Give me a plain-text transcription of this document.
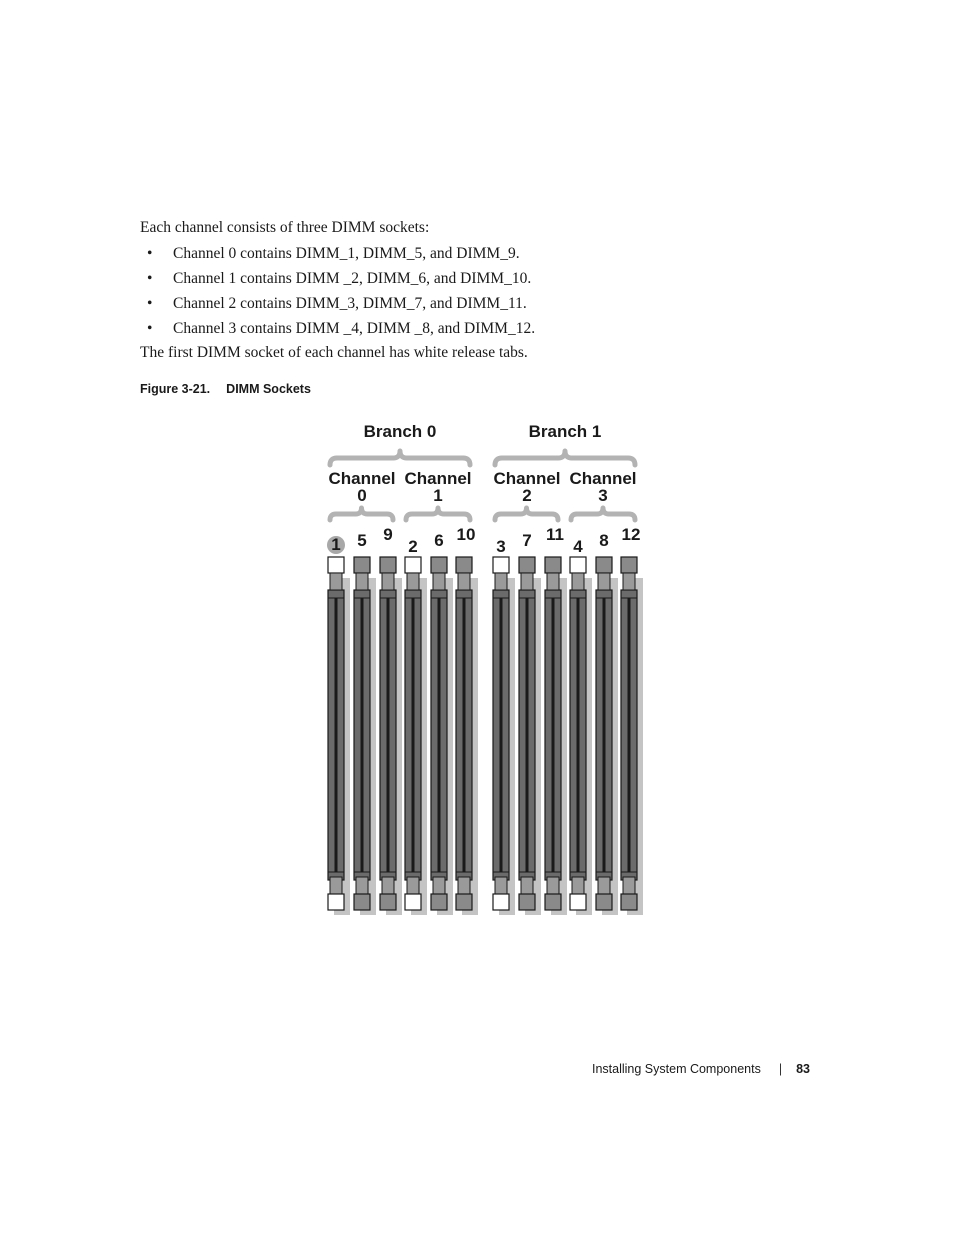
Each channel consists of three DIMM sockets:

• Channel 0 contains DIMM_1, DIMM_5, and DIMM_9.
• Channel 1 contains DIMM _2, DIMM_6, and DIMM_10.
• Channel 2 contains DIMM_3, DIMM_7, and DIMM_11.
• Channel 3 contains DIMM _4, DIMM _8, and DIMM_12.

The first DIMM socket of each channel has white release tabs.

Figure 3-21. DIMM Sockets
Branch 0	Branch 1
Channel
0
Channel
1
Channel
2
Channel
3
1 5 9
2 6 10
3 7 11
4 8 12
Installing System Components | 83
